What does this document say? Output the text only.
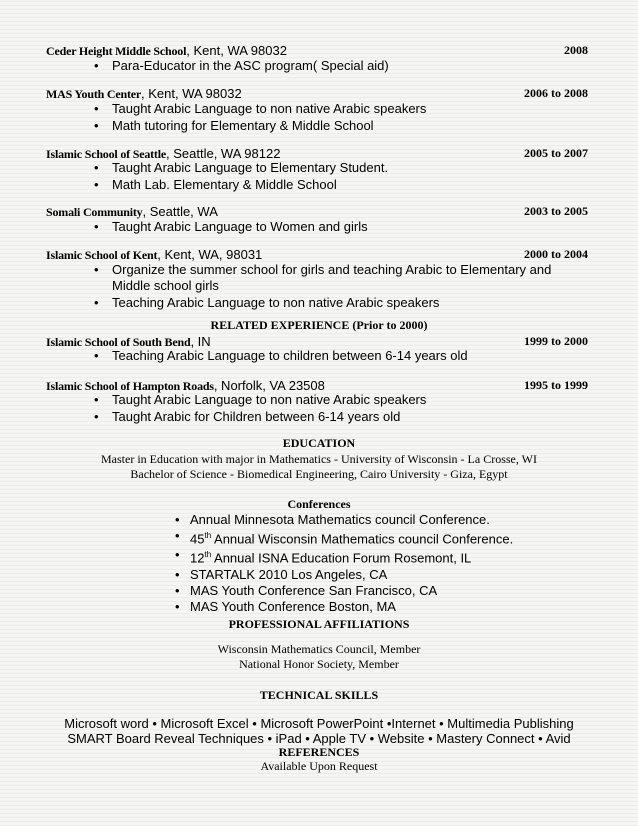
Ceder Height Middle School, Kent, WA 98032	2008
• Para-Educator in the ASC program( Special aid)
MAS Youth Center, Kent, WA 98032	2006 to 2008
• Taught Arabic Language to non native Arabic speakers
• Math tutoring for Elementary & Middle School
Islamic School of Seattle, Seattle, WA 98122	2005 to 2007
• Taught Arabic Language to Elementary Student.
• Math Lab. Elementary & Middle School
Somali Community, Seattle, WA	2003 to 2005
• Taught Arabic Language to Women and girls
Islamic School of Kent, Kent, WA, 98031	2000 to 2004
• Organize the summer school for girls and teaching Arabic to Elementary and Middle school girls
• Teaching Arabic Language to non native Arabic speakers
RELATED EXPERIENCE (Prior to 2000)
Islamic School of South Bend, IN	1999 to 2000
• Teaching Arabic Language to children between 6-14 years old
Islamic School of Hampton Roads, Norfolk, VA 23508	1995 to 1999
• Taught Arabic Language to non native Arabic speakers
• Taught Arabic for Children between 6-14 years old
EDUCATION
Master in Education with major in Mathematics - University of Wisconsin - La Crosse, WI
Bachelor of Science - Biomedical Engineering, Cairo University - Giza, Egypt
Conferences
• Annual Minnesota Mathematics council Conference.
• 45th Annual Wisconsin Mathematics council Conference.
• 12th Annual ISNA Education Forum Rosemont, IL
• STARTALK 2010 Los Angeles, CA
• MAS Youth Conference San Francisco, CA
• MAS Youth Conference Boston, MA
PROFESSIONAL AFFILIATIONS
Wisconsin Mathematics Council, Member
National Honor Society, Member
TECHNICAL SKILLS
Microsoft word • Microsoft Excel • Microsoft PowerPoint •Internet • Multimedia Publishing
SMART Board Reveal Techniques • iPad • Apple TV • Website • Mastery Connect • Avid
REFERENCES
Available Upon Request
